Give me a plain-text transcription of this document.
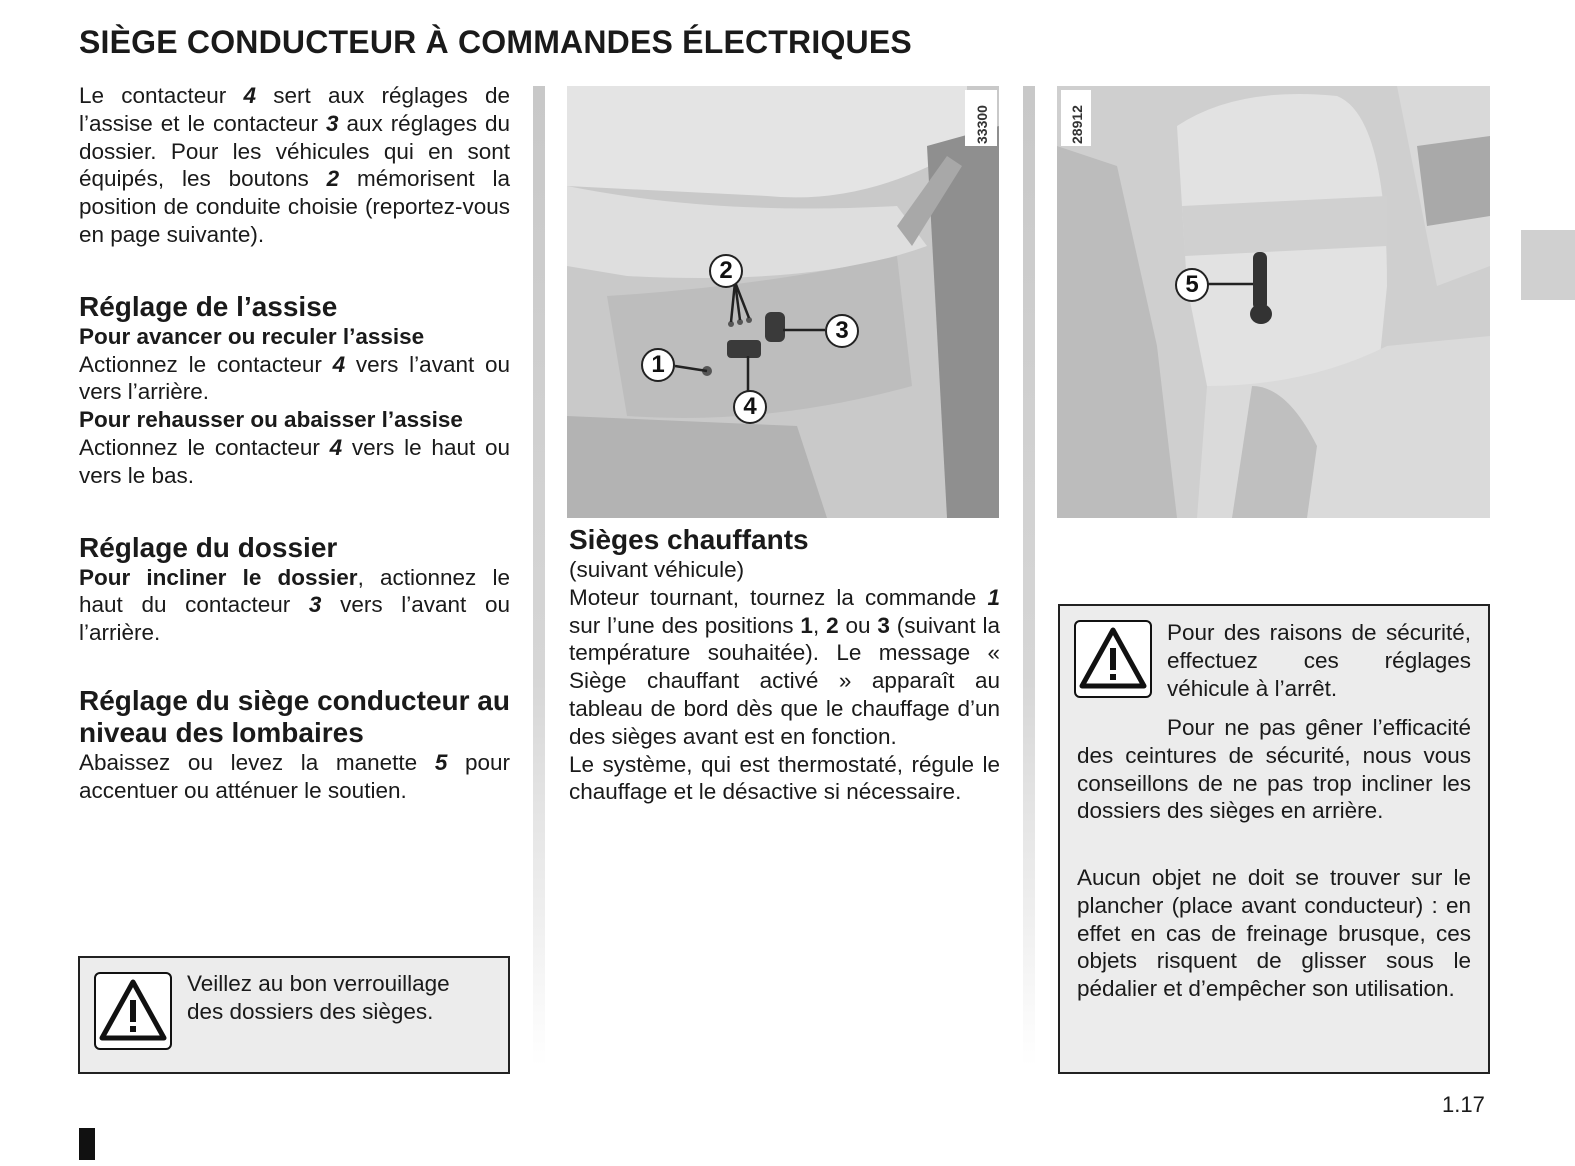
SIÈGE CONDUCTEUR À COMMANDES ÉLECTRIQUES

Le contacteur 4 sert aux réglages de l’assise et le contacteur 3 aux réglages du dossier. Pour les véhicules qui en sont équipés, les boutons 2 mémorisent la position de conduite choisie (reportez-vous en page suivante).

Réglage de l’assise

Pour avancer ou reculer l’assise

Actionnez le contacteur 4 vers l’avant ou vers l’arrière.

Pour rehausser ou abaisser l’assise

Actionnez le contacteur 4 vers le haut ou vers le bas.

Réglage du dossier

Pour incliner le dossier, actionnez le haut du contacteur 3 vers l’avant ou l’arrière.

Réglage du siège conducteur au niveau des lombaires

Abaissez ou levez la manette 5 pour accentuer ou atténuer le soutien.

Veillez au bon verrouillage des dossiers des sièges.

33300
1
2
3
4
28912
5
Sièges chauffants

(suivant véhicule)

Moteur tournant, tournez la commande 1 sur l’une des positions 1, 2 ou 3 (suivant la température souhaitée). Le message « Siège chauffant activé » apparaît au tableau de bord dès que le chauffage d’un des sièges avant est en fonction.

Le système, qui est thermostaté, régule le chauffage et le désactive si nécessaire.

Pour des raisons de sécurité, effectuez ces réglages véhicule à l’arrêt.

Pour ne pas gêner l’efficacité des ceintures de sécurité, nous vous conseillons de ne pas trop incliner les dossiers des sièges en arrière.

Aucun objet ne doit se trouver sur le plancher (place avant conducteur) : en effet en cas de freinage brusque, ces objets risquent de glisser sous le pédalier et d’empêcher son utilisation.

1.17
